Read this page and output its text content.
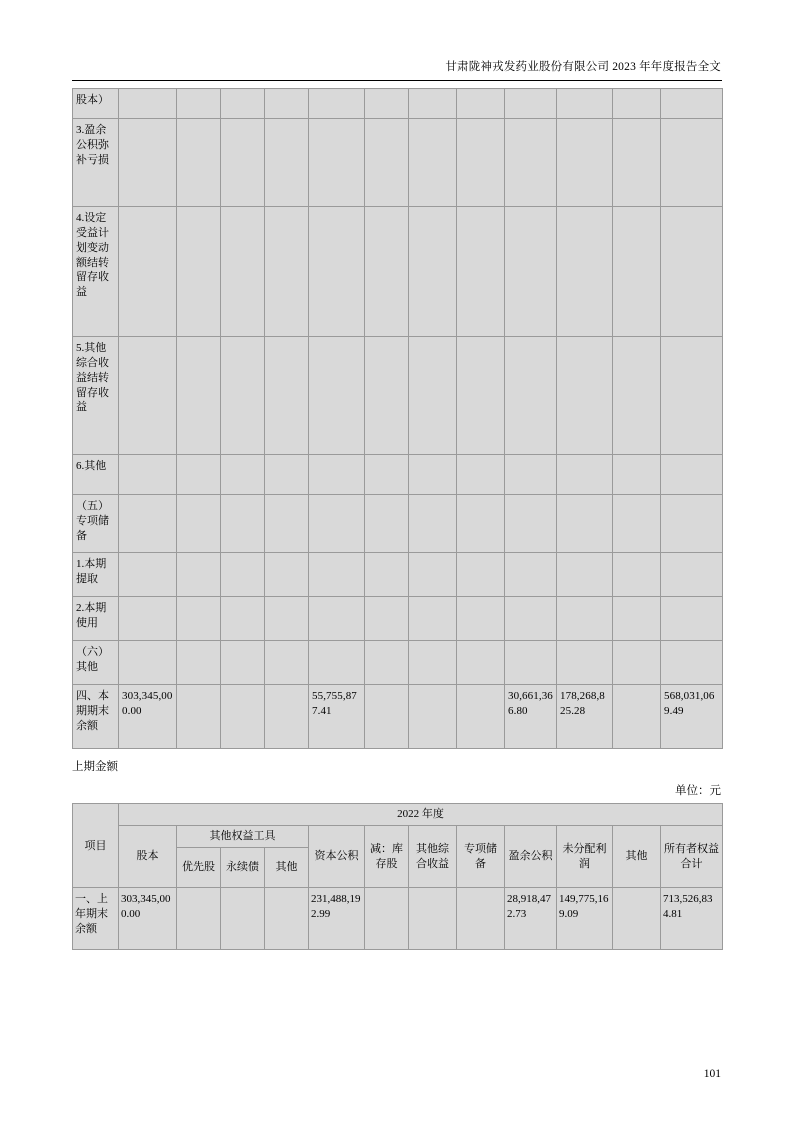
甘肃陇神戎发药业股份有限公司 2023 年年度报告全文
股本）												
3.盈余公积弥补亏损												
4.设定受益计划变动额结转留存收益												
5.其他综合收益结转留存收益												
6.其他												
（五）专项储备												
1.本期提取												
2.本期使用												
（六）其他												
四、本期期末余额	303,345,000.00				55,755,877.41				30,661,366.80	178,268,825.28		568,031,069.49
上期金额
单位：元
项目	2022 年度											
	股本	其他权益工具			资本公积	减：库存股	其他综合收益	专项储备	盈余公积	未分配利润	其他	所有者权益合计
		优先股	永续债	其他								
一、上年期末余额	303,345,000.00				231,488,192.99				28,918,472.73	149,775,169.09		713,526,834.81
101
